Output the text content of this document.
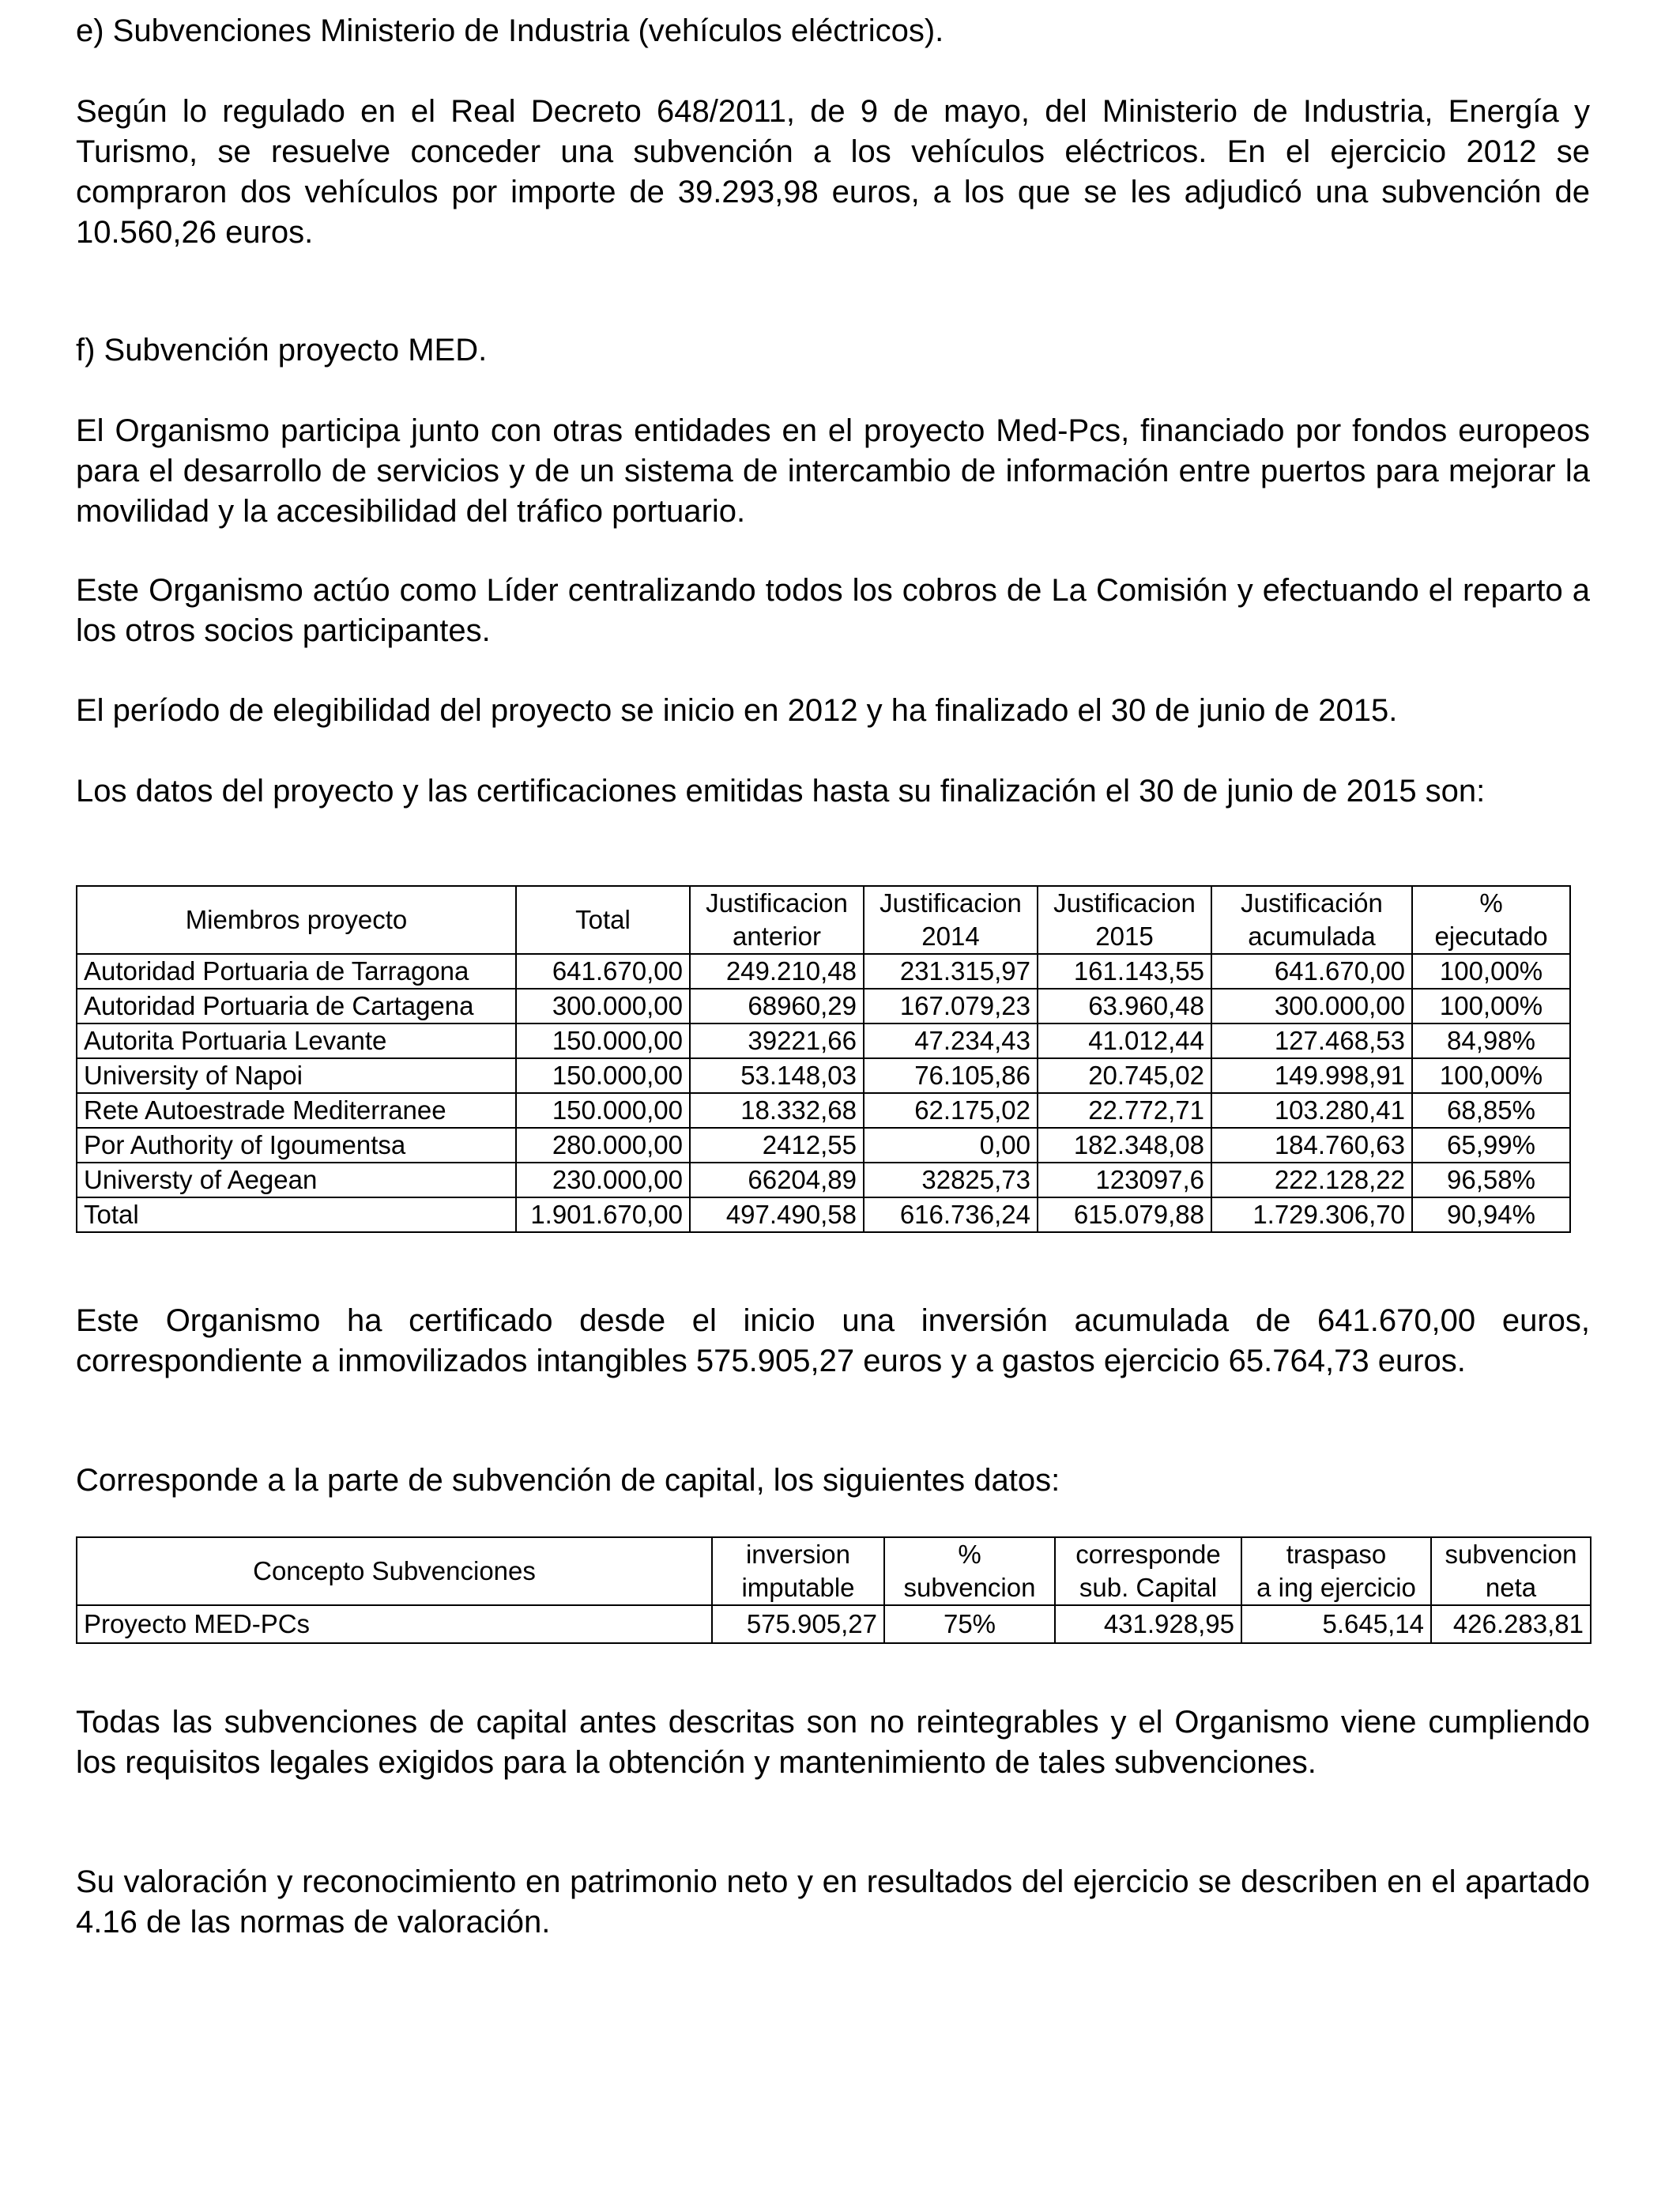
e) Subvenciones Ministerio de Industria (vehículos eléctricos).

Según lo regulado en el Real Decreto 648/2011, de 9 de mayo, del Ministerio de Industria, Energía y Turismo, se resuelve conceder una subvención a los vehículos eléctricos. En el ejercicio 2012 se compraron dos vehículos por importe de 39.293,98 euros, a los que se les adjudicó una subvención de 10.560,26 euros.

f) Subvención proyecto MED.

El Organismo participa junto con otras entidades en el proyecto Med-Pcs, financiado por fondos europeos para el desarrollo de servicios y de un sistema de intercambio de información entre puertos para mejorar la movilidad y la accesibilidad del tráfico portuario.

Este Organismo actúo como Líder centralizando todos los cobros de La Comisión y efectuando el reparto a los otros socios participantes.

El período de elegibilidad del proyecto se inicio en 2012 y ha finalizado el 30 de junio de 2015.

Los datos del proyecto y las certificaciones emitidas hasta su finalización el 30 de junio de 2015 son:

Miembros proyecto	Total	Justificacion	Justificacion	Justificacion	Justificación	%
		anterior	2014	2015	acumulada	ejecutado
Autoridad Portuaria de Tarragona	641.670,00	249.210,48	231.315,97	161.143,55	641.670,00	100,00%
Autoridad Portuaria de Cartagena	300.000,00	68960,29	167.079,23	63.960,48	300.000,00	100,00%
Autorita Portuaria Levante	150.000,00	39221,66	47.234,43	41.012,44	127.468,53	84,98%
University of Napoi	150.000,00	53.148,03	76.105,86	20.745,02	149.998,91	100,00%
Rete Autoestrade Mediterranee	150.000,00	18.332,68	62.175,02	22.772,71	103.280,41	68,85%
Por Authority of Igoumentsa	280.000,00	2412,55	0,00	182.348,08	184.760,63	65,99%
Universty of Aegean	230.000,00	66204,89	32825,73	123097,6	222.128,22	96,58%
Total	1.901.670,00	497.490,58	616.736,24	615.079,88	1.729.306,70	90,94%

Este Organismo ha certificado desde el inicio una inversión acumulada de 641.670,00 euros, correspondiente a inmovilizados intangibles 575.905,27 euros y a gastos ejercicio 65.764,73 euros.

Corresponde a la parte de subvención de capital, los siguientes datos:

Concepto Subvenciones	inversion	%	corresponde	traspaso	subvencion
	imputable	subvencion	sub. Capital	a ing ejercicio	neta
Proyecto MED-PCs	575.905,27	75%	431.928,95	5.645,14	426.283,81

Todas las subvenciones de capital antes descritas son no reintegrables y el Organismo viene cumpliendo los requisitos legales exigidos para la obtención y mantenimiento de tales subvenciones.

Su valoración y reconocimiento en patrimonio neto y en resultados del ejercicio se describen en el apartado 4.16 de las normas de valoración.
